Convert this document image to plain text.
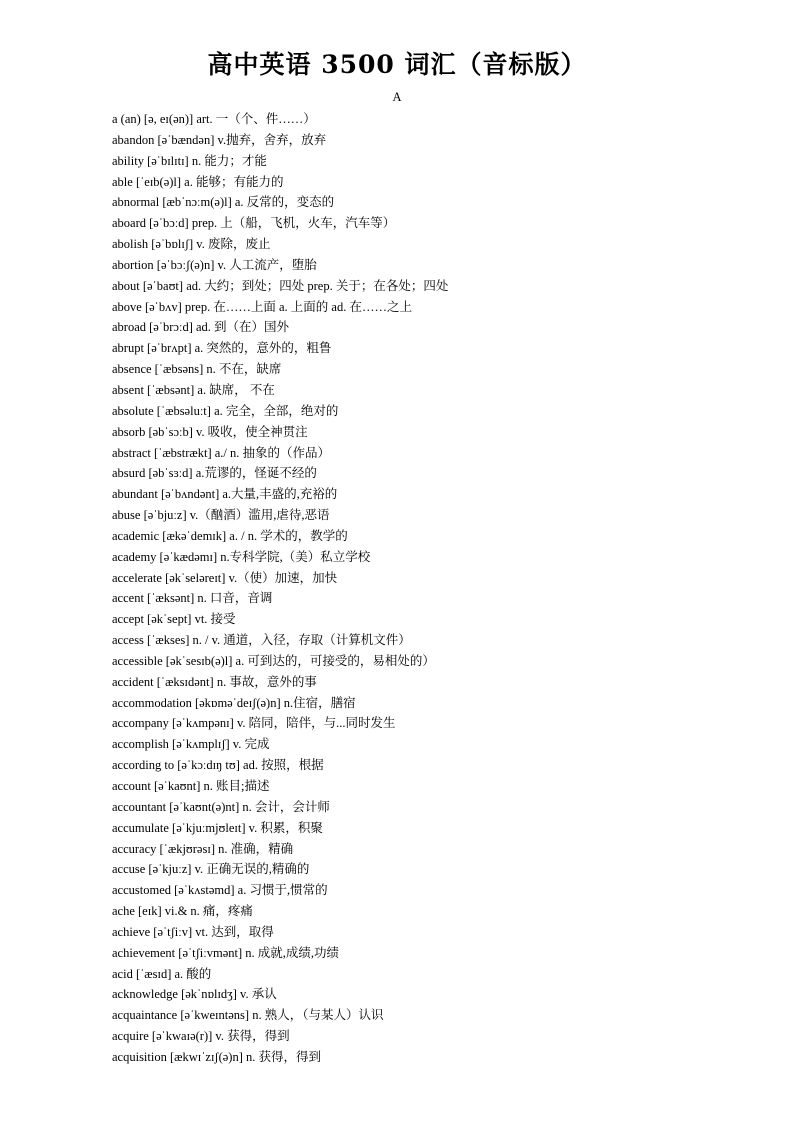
高中英语 3500 词汇（音标版）
A
a (an) [ə, eɪ(ən)] art. 一（个、件……）
abandon [əˈbændən] v.抛弃，舍弃，放弃
ability [əˈbɪlɪtɪ] n. 能力；才能
able [ˈeɪb(ə)l] a. 能够；有能力的
abnormal [æbˈnɔːm(ə)l] a. 反常的，变态的
aboard [əˈbɔːd] prep. 上（船，飞机，火车，汽车等）
abolish [əˈbɒlɪʃ] v. 废除，废止
abortion [əˈbɔːʃ(ə)n] v. 人工流产，堕胎
about [əˈbaʊt] ad. 大约；到处；四处 prep. 关于；在各处；四处
above [əˈbʌv] prep. 在……上面 a. 上面的 ad. 在……之上
abroad [əˈbrɔːd] ad. 到（在）国外
abrupt [əˈbrʌpt] a. 突然的，意外的，粗鲁
absence [ˈæbsəns] n. 不在，缺席
absent [ˈæbsənt] a. 缺席， 不在
absolute [ˈæbsəluːt] a. 完全，全部，绝对的
absorb [əbˈsɔːb] v. 吸收，使全神贯注
abstract [ˈæbstrækt] a./ n. 抽象的（作品）
absurd [əbˈsɜːd] a.荒谬的，怪诞不经的
abundant [əˈbʌndənt] a.大量,丰盛的,充裕的
abuse [əˈbjuːz] v.（酗酒）滥用,虐待,恶语
academic [ækəˈdemɪk] a. / n. 学术的，教学的
academy [əˈkædəmɪ] n.专科学院,（美）私立学校
accelerate [əkˈseləreɪt] v.（使）加速，加快
accent [ˈæksənt] n. 口音，音调
accept [əkˈsept] vt. 接受
access [ˈækses] n. / v. 通道，入径，存取（计算机文件）
accessible [əkˈsesɪb(ə)l] a. 可到达的，可接受的，易相处的）
accident [ˈæksɪdənt] n. 事故，意外的事
accommodation [əkɒməˈdeɪʃ(ə)n] n.住宿，膳宿
accompany [əˈkʌmpənɪ] v. 陪同，陪伴，与...同时发生
accomplish [əˈkʌmplɪʃ] v. 完成
according to [əˈkɔːdɪŋ tʊ] ad. 按照，根据
account [əˈkaʊnt] n. 账目;描述
accountant [əˈkaʊnt(ə)nt] n. 会计，会计师
accumulate [əˈkjuːmjʊleɪt] v. 积累，积聚
accuracy [ˈækjʊrəsɪ] n. 准确，精确
accuse [əˈkjuːz] v. 正确无误的,精确的
accustomed [əˈkʌstəmd] a. 习惯于,惯常的
ache [eɪk] vi.& n. 痛，疼痛
achieve [əˈtʃiːv] vt. 达到，取得
achievement [əˈtʃiːvmənt] n. 成就,成绩,功绩
acid [ˈæsɪd] a. 酸的
acknowledge [əkˈnɒlɪdʒ] v. 承认
acquaintance [əˈkweɪntəns] n. 熟人，（与某人）认识
acquire [əˈkwaɪə(r)] v. 获得，得到
acquisition [ækwɪˈzɪʃ(ə)n] n. 获得，得到
